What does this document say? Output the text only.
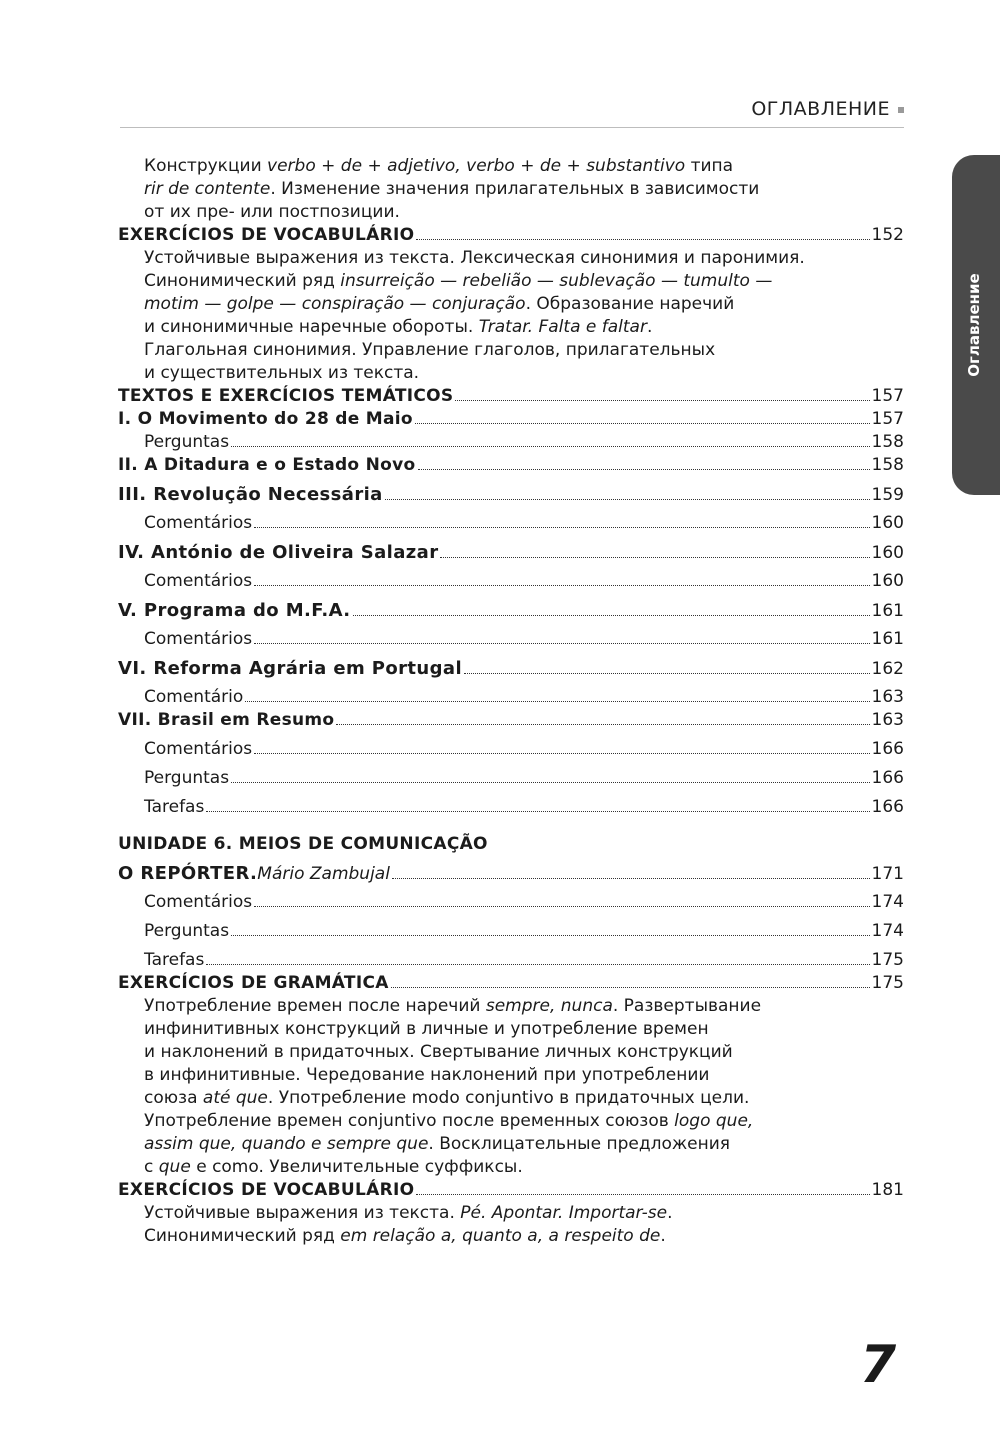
ОГЛАВЛЕНИЕ
Оглавление
Конструкции verbo + de + adjetivo, verbo + de + substantivo типа
rir de contente. Изменение значения прилагательных в зависимости
от их пре- или постпозиции.
EXERCÍCIOS DE VOCABULÁRIO	152
Устойчивые выражения из текста. Лексическая синонимия и паронимия.
Синонимический ряд insurreição — rebelião — sublevação — tumulto —
motim — golpe — conspiração — conjuração. Образование наречий
и синонимичные наречные обороты. Tratar. Falta e faltar.
Глагольная синонимия. Управление глаголов, прилагательных
и существительных из текста.
TEXTOS E EXERCÍCIOS TEMÁTICOS	157
I. O Movimento do 28 de Maio	157
Perguntas	158
II. A Ditadura e o Estado Novo	158
III. Revolução Necessária	159
Comentários	160
IV. António de Oliveira Salazar	160
Comentários	160
V. Programa do M.F.A.	161
Comentários	161
VI. Reforma Agrária em Portugal	162
Comentário	163
VII. Brasil em Resumo	163
Comentários	166
Perguntas	166
Tarefas	166
UNIDADE 6. MEIOS DE COMUNICAÇÃO
O REPÓRTER. Mário Zambujal	171
Comentários	174
Perguntas	174
Tarefas	175
EXERCÍCIOS DE GRAMÁTICA	175
Употребление времен после наречий sempre, nunca. Развертывание
инфинитивных конструкций в личные и употребление времен
и наклонений в придаточных. Свертывание личных конструкций
в инфинитивные. Чередование наклонений при употреблении
союза até que. Употребление modo conjuntivo в придаточных цели.
Употребление времен conjuntivo после временных союзов logo que,
assim que, quando e sempre que. Восклицательные предложения
c que e como. Увеличительные суффиксы.
EXERCÍCIOS DE VOCABULÁRIO	181
Устойчивые выражения из текста. Pé. Apontar. Importar-se.
Синонимический ряд em relação a, quanto a, a respeito de.
7
